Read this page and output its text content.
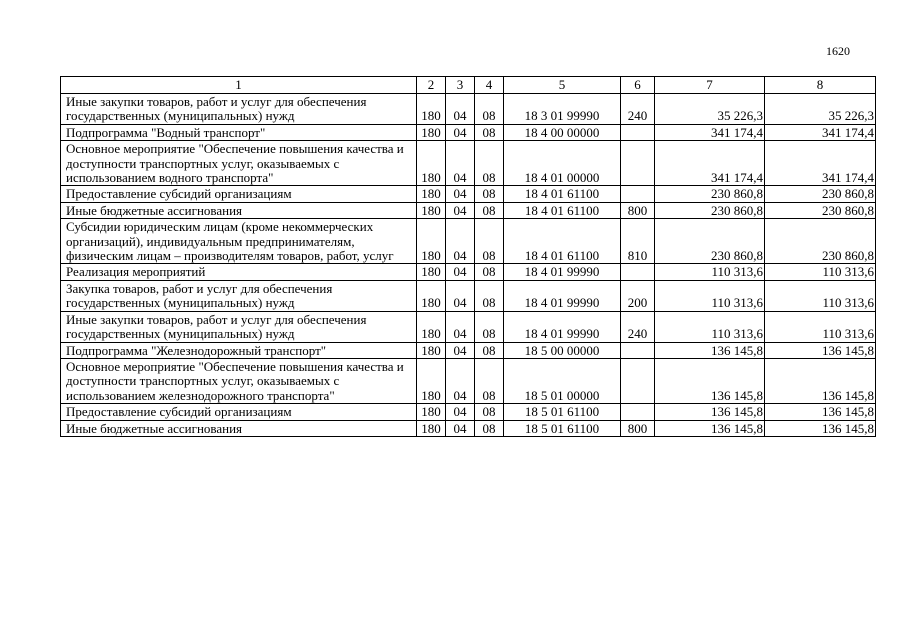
1620
1	2	3	4	5	6	7	8
Иные закупки товаров, работ и услуг для обеспечения государственных (муниципальных) нужд	180	04	08	18 3 01 99990	240	35 226,3	35 226,3
Подпрограмма "Водный транспорт"	180	04	08	18 4 00 00000		341 174,4	341 174,4
Основное мероприятие "Обеспечение повышения качества и доступности транспортных услуг, оказываемых с использованием водного транспорта"	180	04	08	18 4 01 00000		341 174,4	341 174,4
Предоставление субсидий организациям	180	04	08	18 4 01 61100		230 860,8	230 860,8
Иные бюджетные ассигнования	180	04	08	18 4 01 61100	800	230 860,8	230 860,8
Субсидии юридическим лицам (кроме некоммерческих организаций), индивидуальным предпринимателям, физическим лицам – производителям товаров, работ, услуг	180	04	08	18 4 01 61100	810	230 860,8	230 860,8
Реализация мероприятий	180	04	08	18 4 01 99990		110 313,6	110 313,6
Закупка товаров, работ и услуг для обеспечения государственных (муниципальных) нужд	180	04	08	18 4 01 99990	200	110 313,6	110 313,6
Иные закупки товаров, работ и услуг для обеспечения государственных (муниципальных) нужд	180	04	08	18 4 01 99990	240	110 313,6	110 313,6
Подпрограмма "Железнодорожный транспорт"	180	04	08	18 5 00 00000		136 145,8	136 145,8
Основное мероприятие "Обеспечение повышения качества и доступности транспортных услуг, оказываемых с использованием железнодорожного транспорта"	180	04	08	18 5 01 00000		136 145,8	136 145,8
Предоставление субсидий организациям	180	04	08	18 5 01 61100		136 145,8	136 145,8
Иные бюджетные ассигнования	180	04	08	18 5 01 61100	800	136 145,8	136 145,8
